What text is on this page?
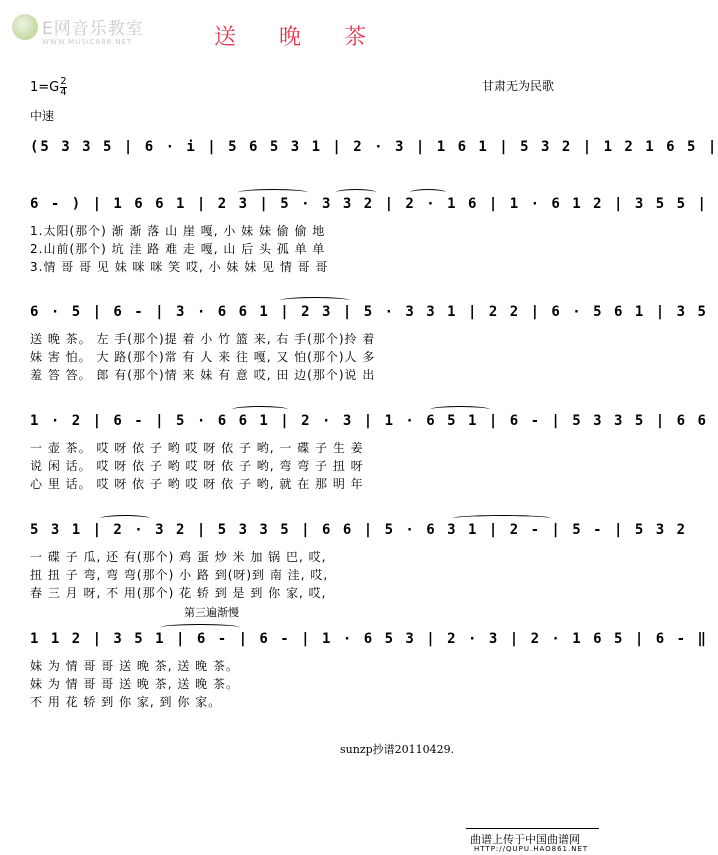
E网音乐教室
WWW.MUSIC888.NET	送 晚 茶
$1=G \frac{2}{4}$	甘肃无为民歌
中速
(5 3 3 5 | 6 · i | 5 6 5 3 1 | 2 · 3 | 1 6 1 | 5 3 2 | 1 2 1 6 5 |
6 - ) | 1 6 6 1 | 2 3 | 5 · 3 3 2 | 2 · 1 6 | 1 · 6 1 2 | 3 5 5 |
1.太阳(那个) 渐 渐 落 山 崖 嘎, 小 妹 妹 偷 偷 地
2.山前(那个) 坑 洼 路 难 走 嘎, 山 后 头 孤 单 单
3.情 哥 哥 见 妹 咪 咪 笑 哎, 小 妹 妹 见 情 哥 哥
6 · 5 | 6 - | 3 · 6 6 1 | 2 3 | 5 · 3 3 1 | 2 2 | 6 · 5 6 1 | 3 5
送 晚 茶。 左 手(那个)提 着 小 竹 篮 来, 右 手(那个)拎 着
妹 害 怕。 大 路(那个)常 有 人 来 往 嘎, 又 怕(那个)人 多
羞 答 答。 郎 有(那个)情 来 妹 有 意 哎, 田 边(那个)说 出
1 · 2 | 6 - | 5 · 6 6 1 | 2 · 3 | 1 · 6 5 1 | 6 - | 5 3 3 5 | 6 6
一 壶 茶。 哎 呀 依 子 哟 哎 呀 依 子 哟, 一 碟 子 生 姜
说 闲 话。 哎 呀 依 子 哟 哎 呀 依 子 哟, 弯 弯 子 扭 呀
心 里 话。 哎 呀 依 子 哟 哎 呀 依 子 哟, 就 在 那 明 年
5 3 1 | 2 · 3 2 | 5 3 3 5 | 6 6 | 5 · 6 3 1 | 2 - | 5 - | 5 3 2
一 碟 子 瓜, 还 有(那个) 鸡 蛋 炒 米 加 锅 巴, 哎,
扭 扭 子 弯, 弯 弯(那个) 小 路 到(呀)到 南 洼, 哎,
春 三 月 呀, 不 用(那个) 花 轿 到 是 到 你 家, 哎,
第三遍渐慢
1 1 2 | 3 5 1 | 6 - | 6 - | 1 · 6 5 3 | 2 · 3 | 2 · 1 6 5 | 6 - ‖
妹 为 情 哥 哥 送 晚 茶, 送 晚 茶。
妹 为 情 哥 哥 送 晚 茶, 送 晚 茶。
不 用 花 轿 到 你 家, 到 你 家。
sunzp抄谱20110429.
曲谱上传于中国曲谱网
HTTP://QUPU.HAO861.NET
